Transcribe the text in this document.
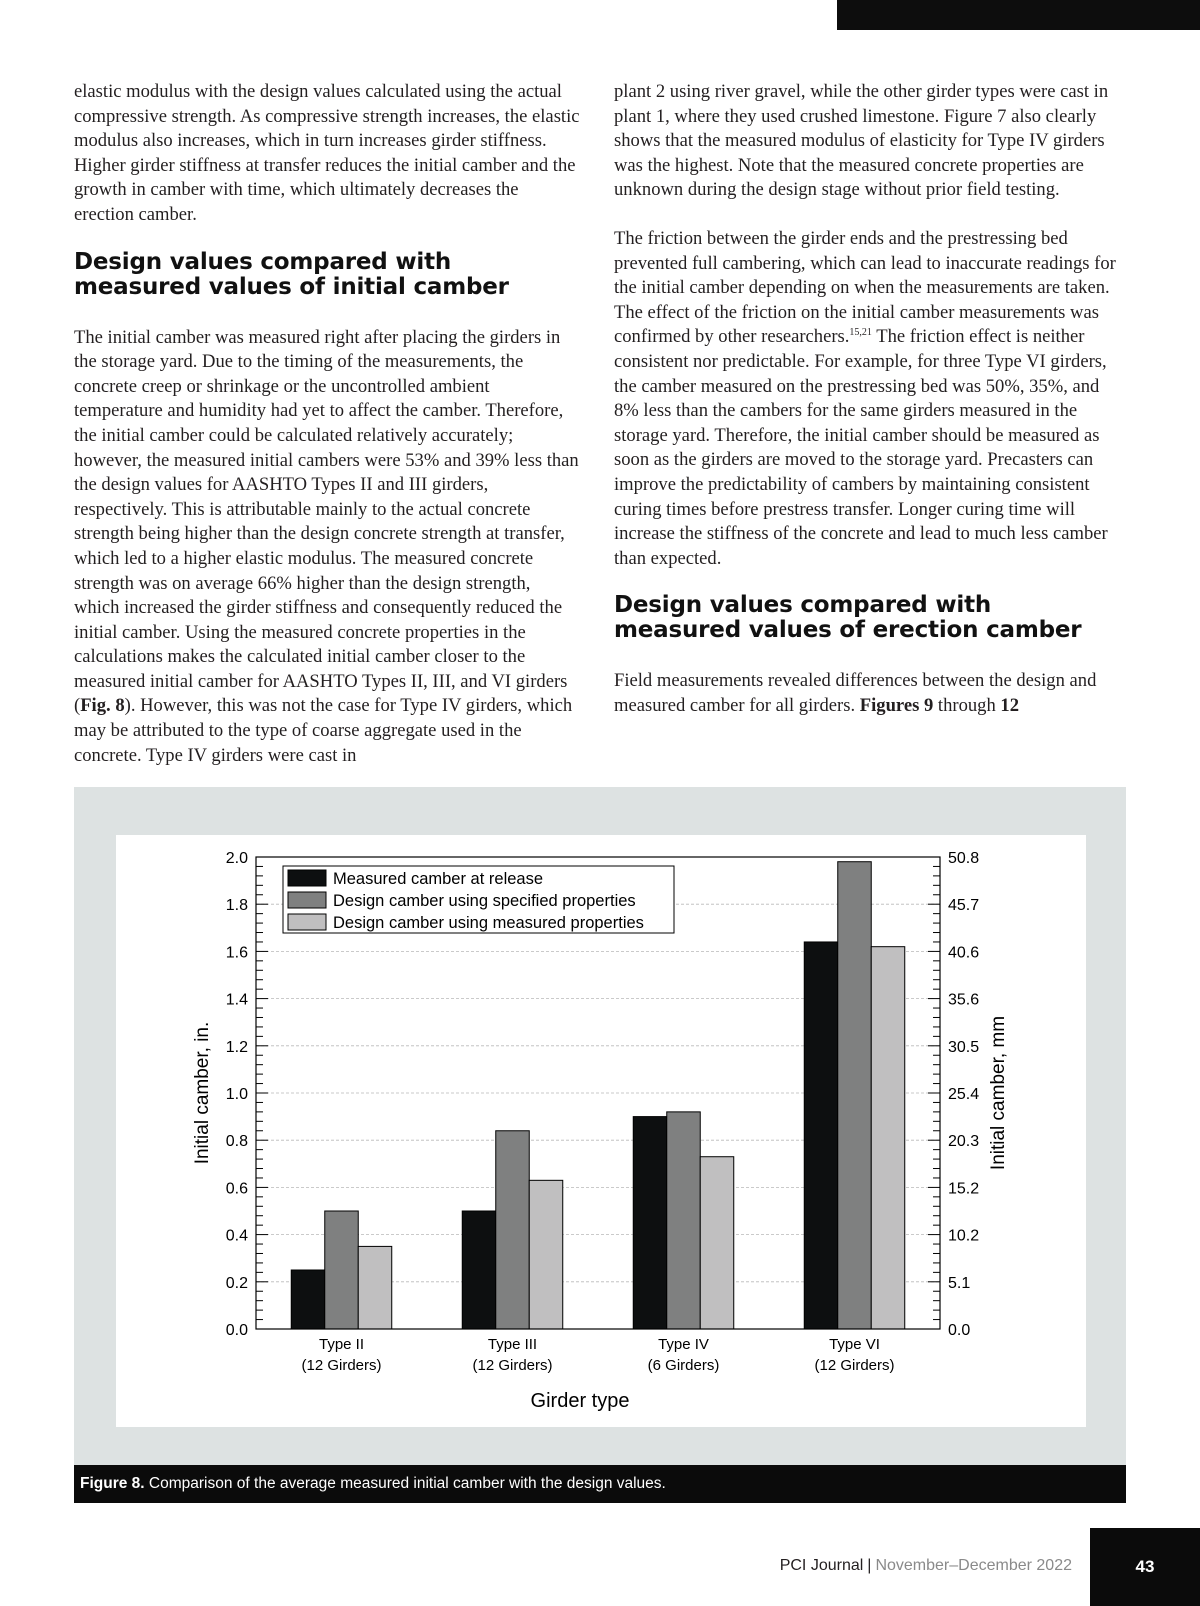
elastic modulus with the design values calculated using the actual compressive strength. As compressive strength increases, the elastic modulus also increases, which in turn increases girder stiffness. Higher girder stiffness at transfer reduces the initial camber and the growth in camber with time, which ultimately decreases the erection camber.

Design values compared with measured values of initial camber

The initial camber was measured right after placing the girders in the storage yard. Due to the timing of the measurements, the concrete creep or shrinkage or the uncontrolled ambient temperature and humidity had yet to affect the camber. Therefore, the initial camber could be calculated relatively accurately; however, the measured initial cambers were 53% and 39% less than the design values for AASHTO Types II and III girders, respectively. This is attributable mainly to the actual concrete strength being higher than the design concrete strength at transfer, which led to a higher elastic modulus. The measured concrete strength was on average 66% higher than the design strength, which increased the girder stiffness and consequently reduced the initial camber. Using the measured concrete properties in the calculations makes the calculated initial camber closer to the measured initial camber for AASHTO Types II, III, and VI girders (Fig. 8). However, this was not the case for Type IV girders, which may be attributed to the type of coarse aggregate used in the concrete. Type IV girders were cast in

plant 2 using river gravel, while the other girder types were cast in plant 1, where they used crushed limestone. Figure 7 also clearly shows that the measured modulus of elasticity for Type IV girders was the highest. Note that the measured concrete properties are unknown during the design stage without prior field testing.

The friction between the girder ends and the prestressing bed prevented full cambering, which can lead to inaccurate readings for the initial camber depending on when the measurements are taken. The effect of the friction on the initial camber measurements was confirmed by other researchers.$^{15,21}$ The friction effect is neither consistent nor predictable. For example, for three Type VI girders, the camber measured on the prestressing bed was 50%, 35%, and 8% less than the cambers for the same girders measured in the storage yard. Therefore, the initial camber should be measured as soon as the girders are moved to the storage yard. Precasters can improve the predictability of cambers by maintaining consistent curing times before prestress transfer. Longer curing time will increase the stiffness of the concrete and lead to much less camber than expected.

Design values compared with measured values of erection camber

Field measurements revealed differences between the design and measured camber for all girders. Figures 9 through 12

Type II
(12 Girders)
Type III
(12 Girders)
Type IV
(6 Girders)
Type VI
(12 Girders)
0.0
0.2
0.4
0.6
0.8
1.0
1.2
1.4
1.6
1.8
2.0
0.0
5.1
10.2
15.2
20.3
25.4
30.5
35.6
40.6
45.7
50.8
Initial camber, in.	Initial camber, mm
Girder type
Measured camber at release
Design camber using specified properties
Design camber using measured properties
Figure 8. Comparison of the average measured initial camber with the design values.
PCI Journal | November–December 2022	43
